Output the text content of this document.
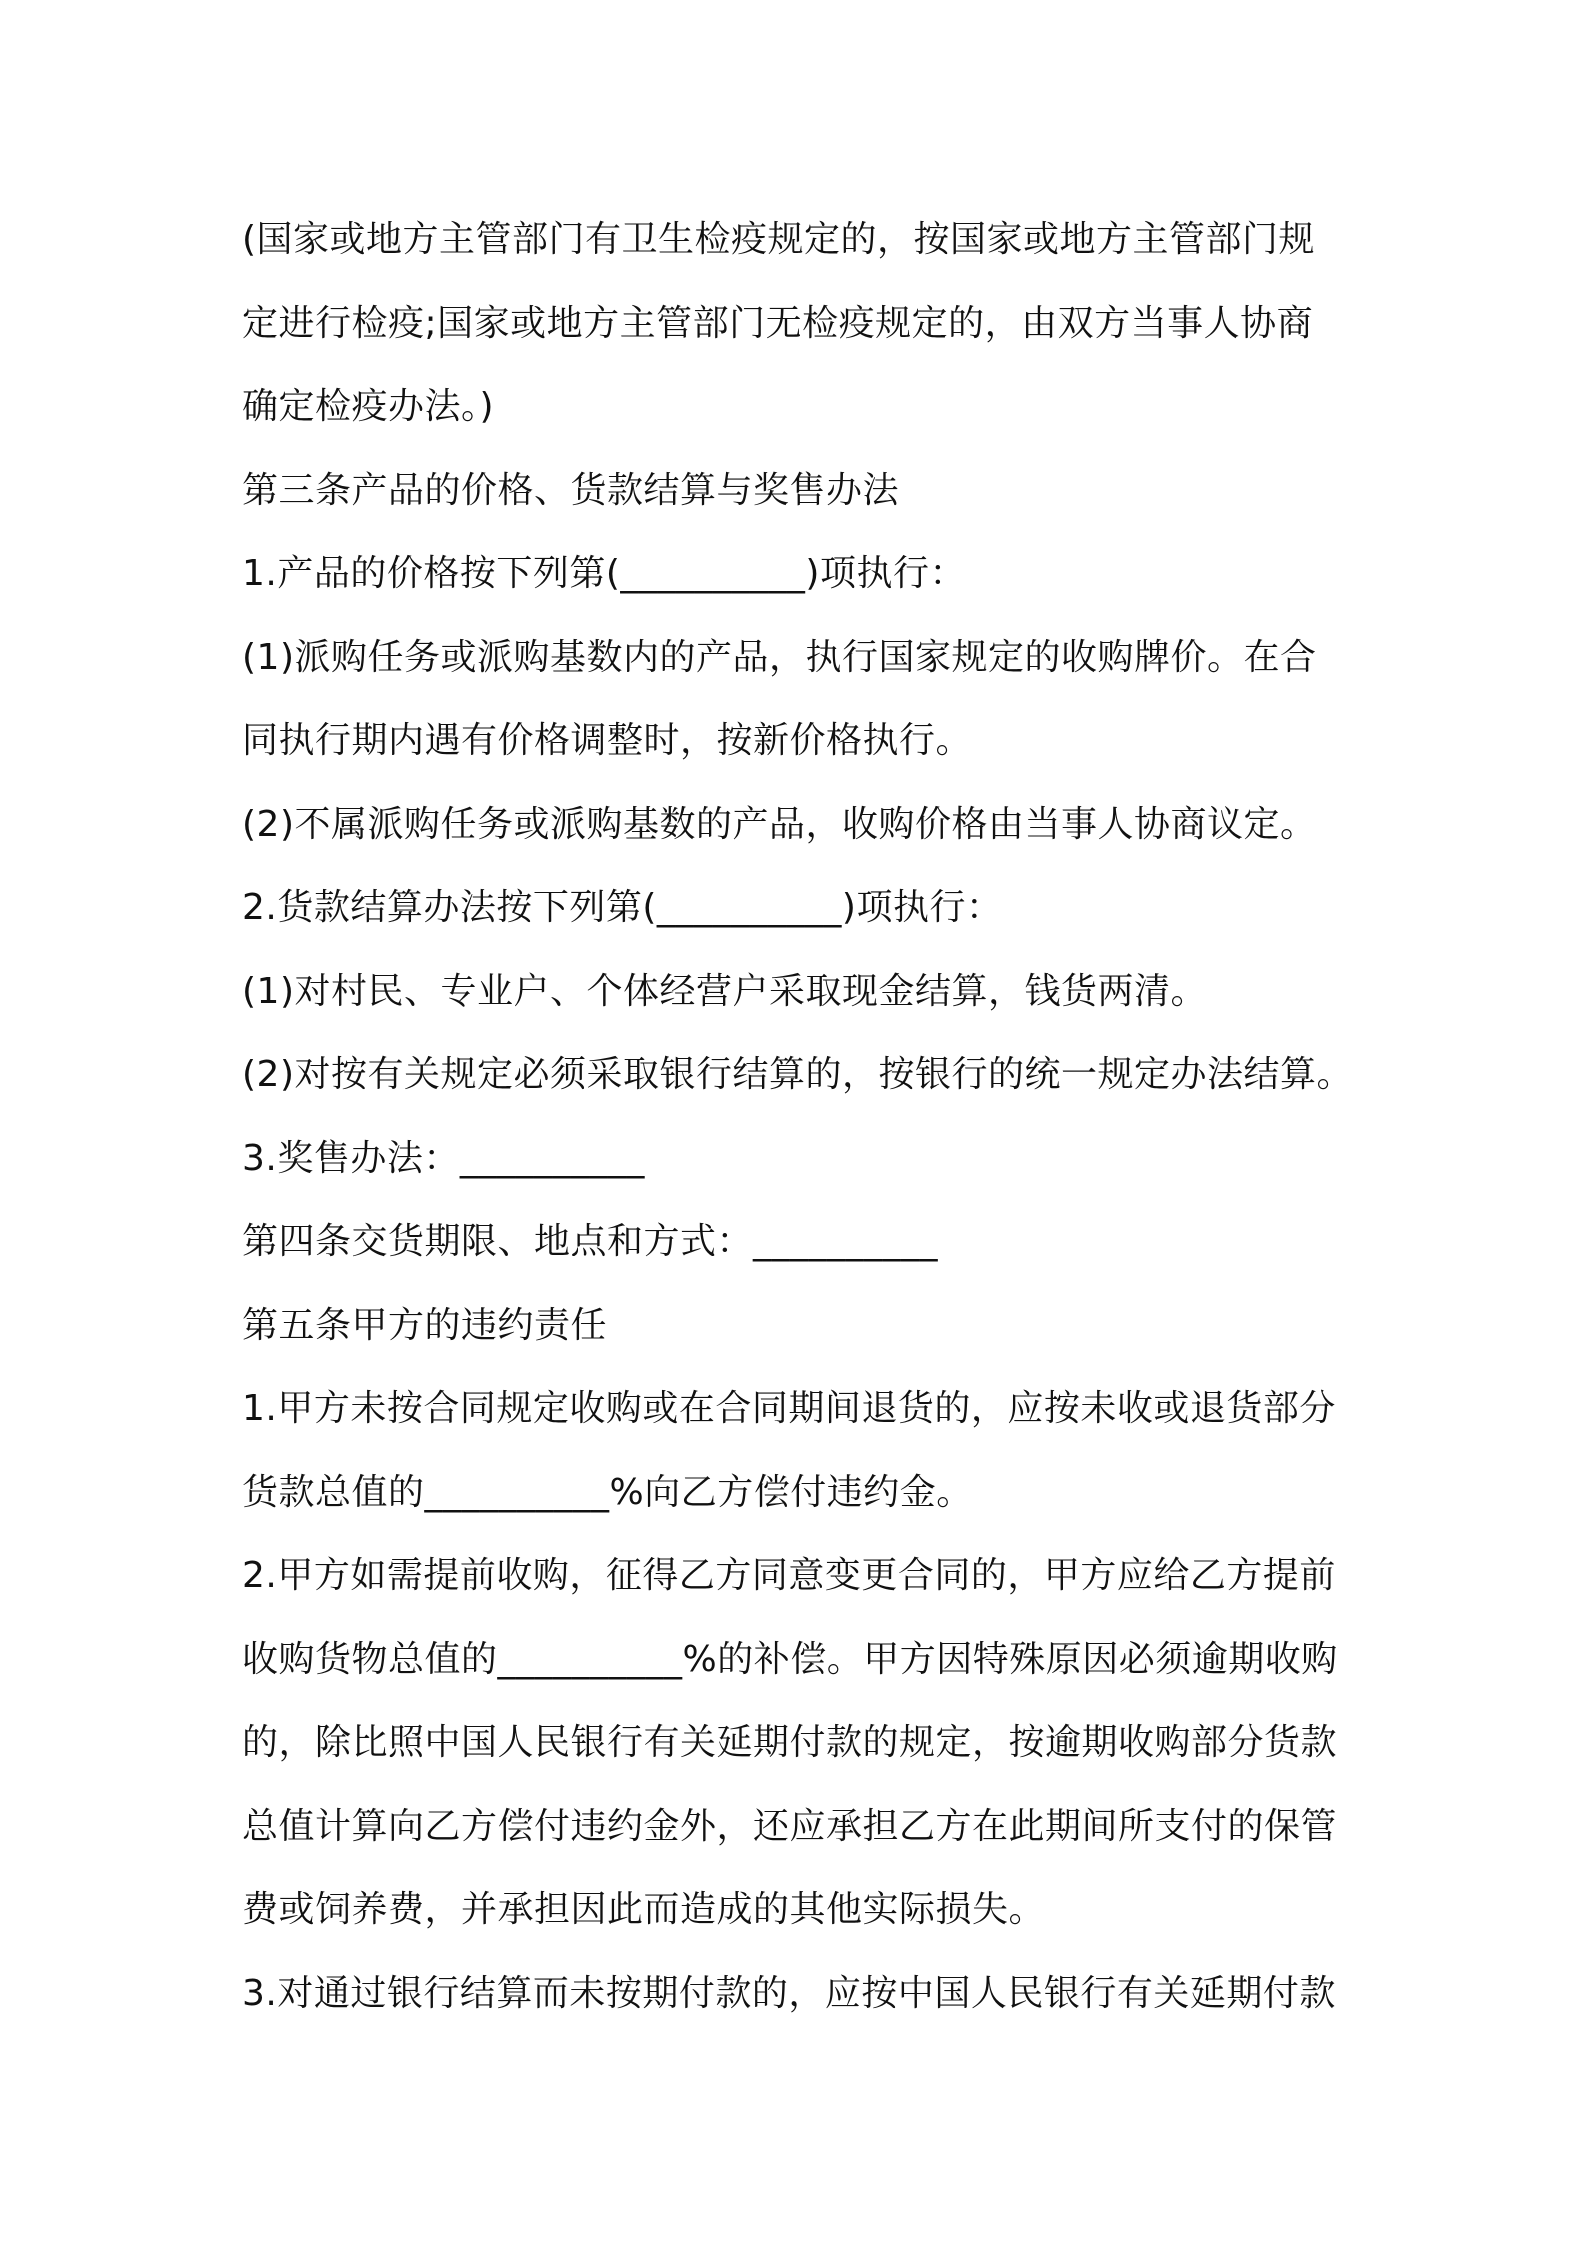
(国家或地方主管部门有卫生检疫规定的，按国家或地方主管部门规
定进行检疫;国家或地方主管部门无检疫规定的，由双方当事人协商
确定检疫办法。)
第三条产品的价格、货款结算与奖售办法
1.产品的价格按下列第(__________)项执行：
(1)派购任务或派购基数内的产品，执行国家规定的收购牌价。在合
同执行期内遇有价格调整时，按新价格执行。
(2)不属派购任务或派购基数的产品，收购价格由当事人协商议定。
2.货款结算办法按下列第(__________)项执行：
(1)对村民、专业户、个体经营户采取现金结算，钱货两清。
(2)对按有关规定必须采取银行结算的，按银行的统一规定办法结算。
3.奖售办法：__________
第四条交货期限、地点和方式：__________
第五条甲方的违约责任
1.甲方未按合同规定收购或在合同期间退货的，应按未收或退货部分
货款总值的__________%向乙方偿付违约金。
2.甲方如需提前收购，征得乙方同意变更合同的，甲方应给乙方提前
收购货物总值的__________%的补偿。甲方因特殊原因必须逾期收购
的，除比照中国人民银行有关延期付款的规定，按逾期收购部分货款
总值计算向乙方偿付违约金外，还应承担乙方在此期间所支付的保管
费或饲养费，并承担因此而造成的其他实际损失。
3.对通过银行结算而未按期付款的，应按中国人民银行有关延期付款
